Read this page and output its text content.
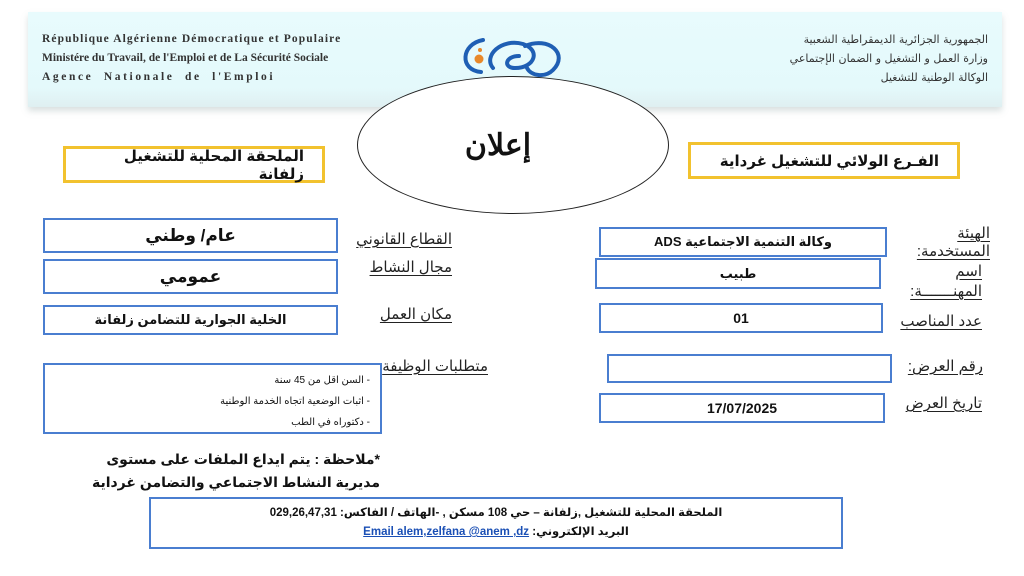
République Algérienne Démocratique et Populaire
Ministére du Travail, de l'Emploi et de La Sécurité Sociale
Agence Nationale de l'Emploi
الجمهورية الجزائرية الديمقراطية الشعبية
وزارة العمل و التشغيل و الضمان الإجتماعي
الوكالة الوطنية للتشغيل
إعلان
الملحقة المحلية للتشغيل زلفانة
الفـرع الولائي للتشغيل غرداية
عام/ وطني	القطاع القانوني
عمومي	مجال النشاط
الخلية الجوارية للتضامن زلفانة	مكان العمل
متطلبات الوظيفة
- السن اقل من 45 سنة
- اثبات الوضعية اتجاه الخدمة الوطنية
- دكتوراه في الطب
وكالة التنمية الاجتماعية ADS	الهيئة المستخدمة:
طبيب	اسم المهنـــــــة:
01	عدد المناصب
رقم العرض:
17/07/2025	تاريخ العرض
*ملاحظة : يتم ايداع الملفات على مستوى
مديرية النشاط الاجتماعي والتضامن غرداية
الملحقة المحلية للتشغيل ,زلفانة – حي 108 مسكن , -الهاتف / الفاكس: 029,26,47,31
البريد الإلكتروني: Email alem,zelfana @anem ,dz
